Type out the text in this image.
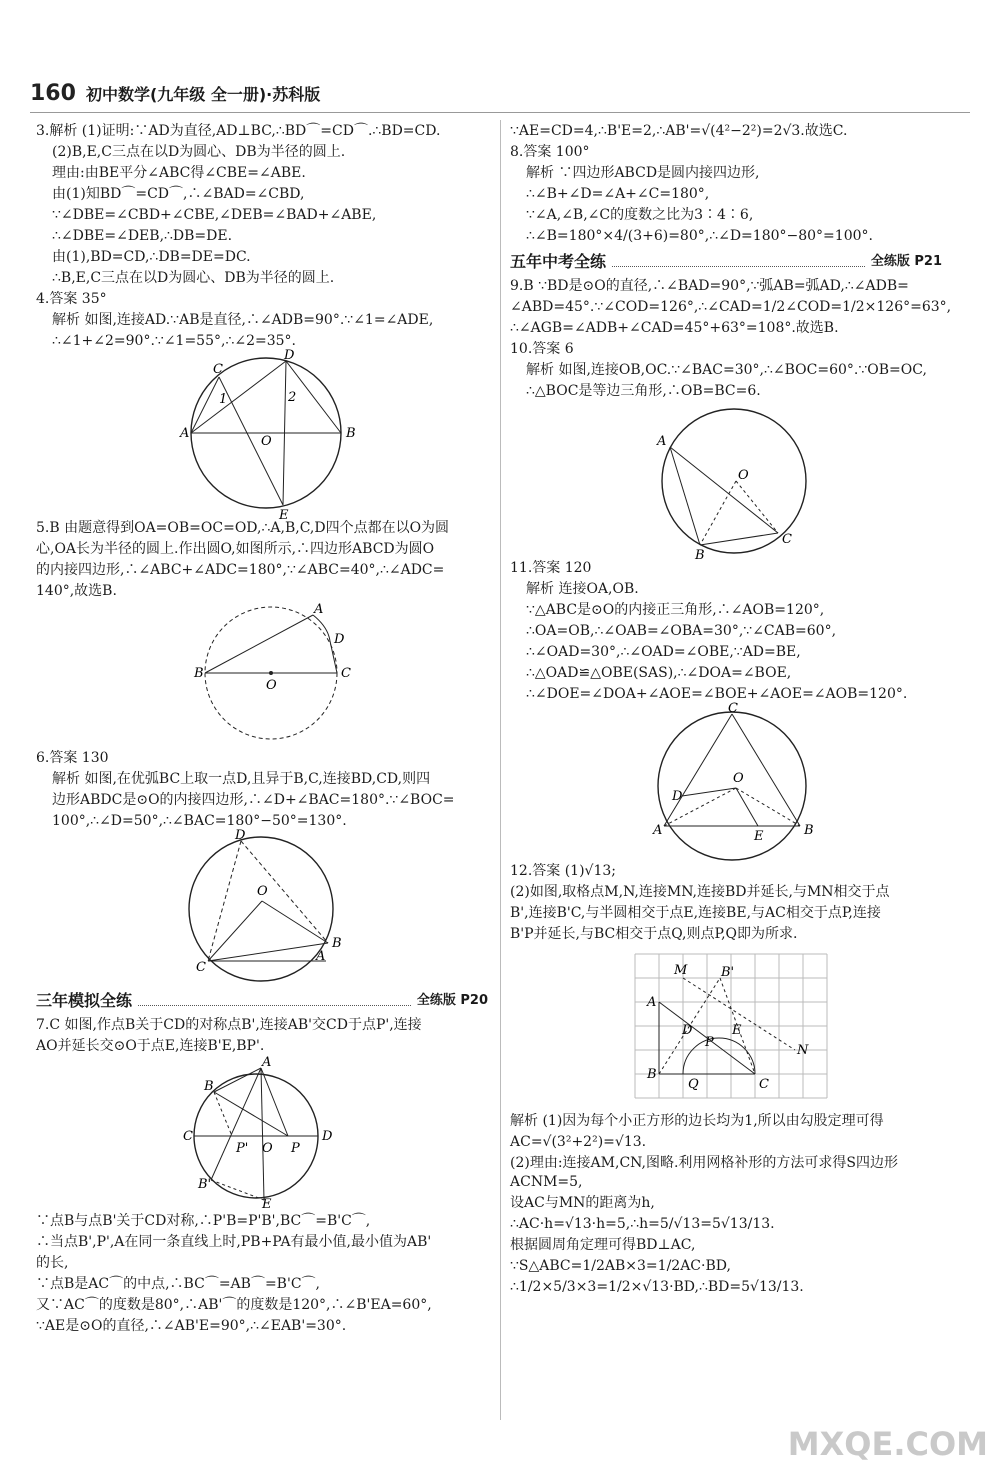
160 初中数学(九年级 全一册)·苏科版

3.解析 (1)证明:∵AD为直径,AD⊥BC,∴BD⌒=CD⌒.∴BD=CD.

(2)B,E,C三点在以D为圆心、DB为半径的圆上.

理由:由BE平分∠ABC得∠CBE=∠ABE.

由(1)知BD⌒=CD⌒,∴∠BAD=∠CBD,

∵∠DBE=∠CBD+∠CBE,∠DEB=∠BAD+∠ABE,

∴∠DBE=∠DEB,∴DB=DE.

由(1),BD=CD,∴DB=DE=DC.

∴B,E,C三点在以D为圆心、DB为半径的圆上.

4.答案 35°

解析 如图,连接AD.∵AB是直径,∴∠ADB=90°.∵∠1=∠ADE,

∴∠1+∠2=90°.∵∠1=55°,∴∠2=35°.

A	B
C
D
E
O
1	2

5.B 由题意得到OA=OB=OC=OD,∴A,B,C,D四个点都在以O为圆

心,OA长为半径的圆上.作出圆O,如图所示,∴四边形ABCD为圆O

的内接四边形,∴∠ABC+∠ADC=180°,∵∠ABC=40°,∴∠ADC=

140°,故选B.

B	C
A
D
O

6.答案 130

解析 如图,在优弧BC上取一点D,且异于B,C,连接BD,CD,则四

边形ABDC是⊙O的内接四边形,∴∠D+∠BAC=180°.∵∠BOC=

100°,∴∠D=50°,∴∠BAC=180°−50°=130°.

D
O
C
B
A
三年模拟全练	全练版 P20

7.C 如图,作点B关于CD的对称点B',连接AB'交CD于点P',连接

AO并延长交⊙O于点E,连接B'E,BP'.

A
B
C	D
P' O P
B'
E

∵点B与点B'关于CD对称,∴P'B=P'B',BC⌒=B'C⌒,

∴当点B',P',A在同一条直线上时,PB+PA有最小值,最小值为AB'

的长,

∵点B是AC⌒的中点,∴BC⌒=AB⌒=B'C⌒,

又∵AC⌒的度数是80°,∴AB'⌒的度数是120°,∴∠B'EA=60°,

∵AE是⊙O的直径,∴∠AB'E=90°,∴∠EAB'=30°.

∵AE=CD=4,∴B'E=2,∴AB'=√(4²−2²)=2√3.故选C.

8.答案 100°

解析 ∵四边形ABCD是圆内接四边形,

∴∠B+∠D=∠A+∠C=180°,

∵∠A,∠B,∠C的度数之比为3∶4∶6,

∴∠B=180°×4/(3+6)=80°,∴∠D=180°−80°=100°.

五年中考全练	全练版 P21

9.B ∵BD是⊙O的直径,∴∠BAD=90°,∵弧AB=弧AD,∴∠ADB=

∠ABD=45°.∵∠COD=126°,∴∠CAD=1/2∠COD=1/2×126°=63°,

∴∠AGB=∠ADB+∠CAD=45°+63°=108°.故选B.

10.答案 6

解析 如图,连接OB,OC.∵∠BAC=30°,∴∠BOC=60°.∵OB=OC,

∴△BOC是等边三角形,∴OB=BC=6.

A
O
B
C

11.答案 120

解析 连接OA,OB.

∵△ABC是⊙O的内接正三角形,∴∠AOB=120°,

∴OA=OB,∴∠OAB=∠OBA=30°,∵∠CAB=60°,

∴∠OAD=30°,∴∠OAD=∠OBE,∵AD=BE,

∴△OAD≌△OBE(SAS),∴∠DOA=∠BOE,

∴∠DOE=∠DOA+∠AOE=∠BOE+∠AOE=∠AOB=120°.

C
D
O
A	E	B

12.答案 (1)√13;

(2)如图,取格点M,N,连接MN,连接BD并延长,与MN相交于点

B',连接B'C,与半圆相交于点E,连接BE,与AC相交于点P,连接

B'P并延长,与BC相交于点Q,则点P,Q即为所求.

M	B'
A
D
P
E
N
B
Q	C

解析 (1)因为每个小正方形的边长均为1,所以由勾股定理可得

AC=√(3²+2²)=√13.

(2)理由:连接AM,CN,图略.利用网格补形的方法可求得S四边形ACNM=5,

设AC与MN的距离为h,

∴AC·h=√13·h=5,∴h=5/√13=5√13/13.

根据圆周角定理可得BD⊥AC,

∵S△ABC=1/2AB×3=1/2AC·BD,

∴1/2×5/3×3=1/2×√13·BD,∴BD=5√13/13.

MXQE.COM
